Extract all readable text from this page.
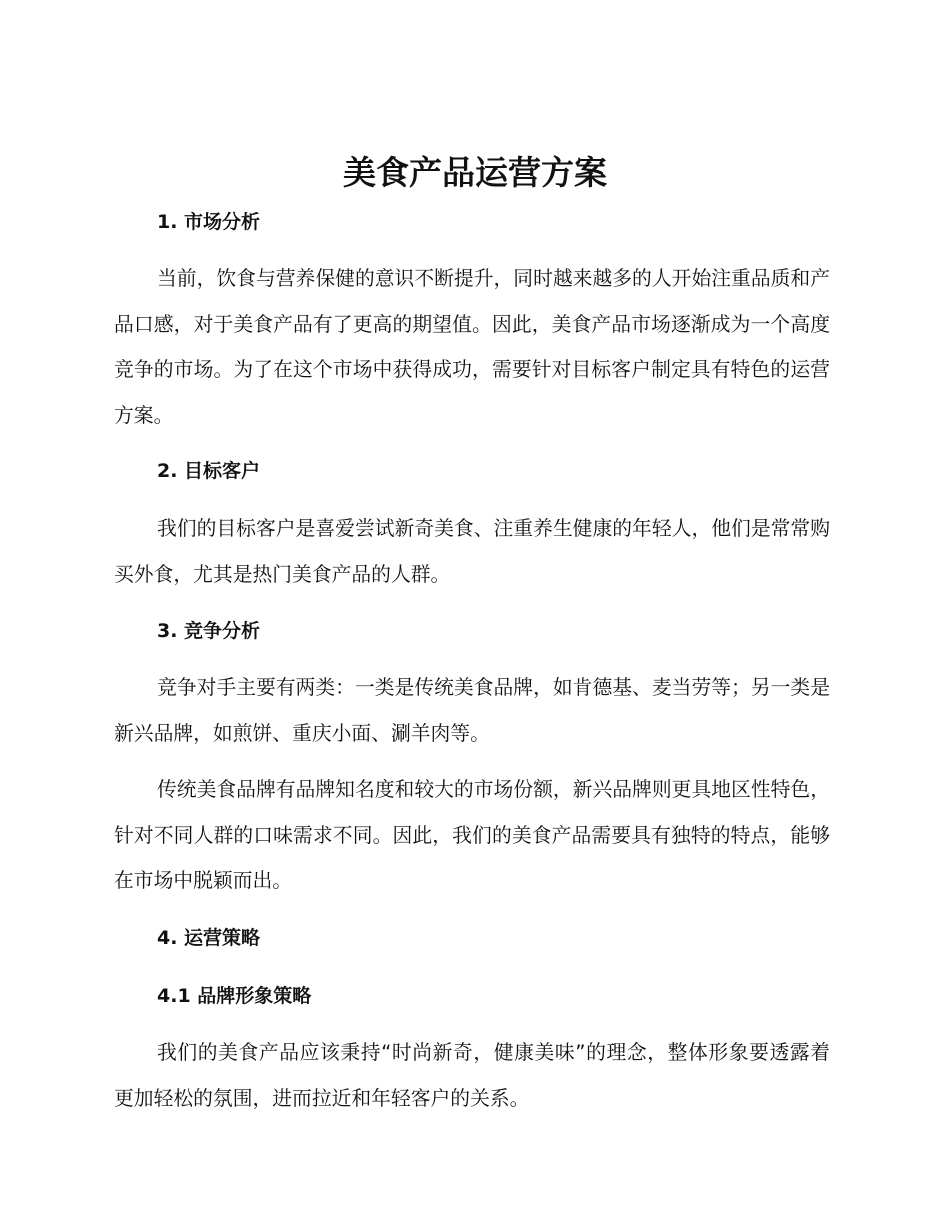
美食产品运营方案
1. 市场分析

当前，饮食与营养保健的意识不断提升，同时越来越多的人开始注重品质和产品口感，对于美食产品有了更高的期望值。因此，美食产品市场逐渐成为一个高度竞争的市场。为了在这个市场中获得成功，需要针对目标客户制定具有特色的运营方案。

2. 目标客户

我们的目标客户是喜爱尝试新奇美食、注重养生健康的年轻人，他们是常常购买外食，尤其是热门美食产品的人群。

3. 竞争分析

竞争对手主要有两类：一类是传统美食品牌，如肯德基、麦当劳等；另一类是新兴品牌，如煎饼、重庆小面、涮羊肉等。

传统美食品牌有品牌知名度和较大的市场份额，新兴品牌则更具地区性特色，针对不同人群的口味需求不同。因此，我们的美食产品需要具有独特的特点，能够在市场中脱颖而出。

4. 运营策略
4.1 品牌形象策略

我们的美食产品应该秉持“时尚新奇，健康美味”的理念，整体形象要透露着更加轻松的氛围，进而拉近和年轻客户的关系。
